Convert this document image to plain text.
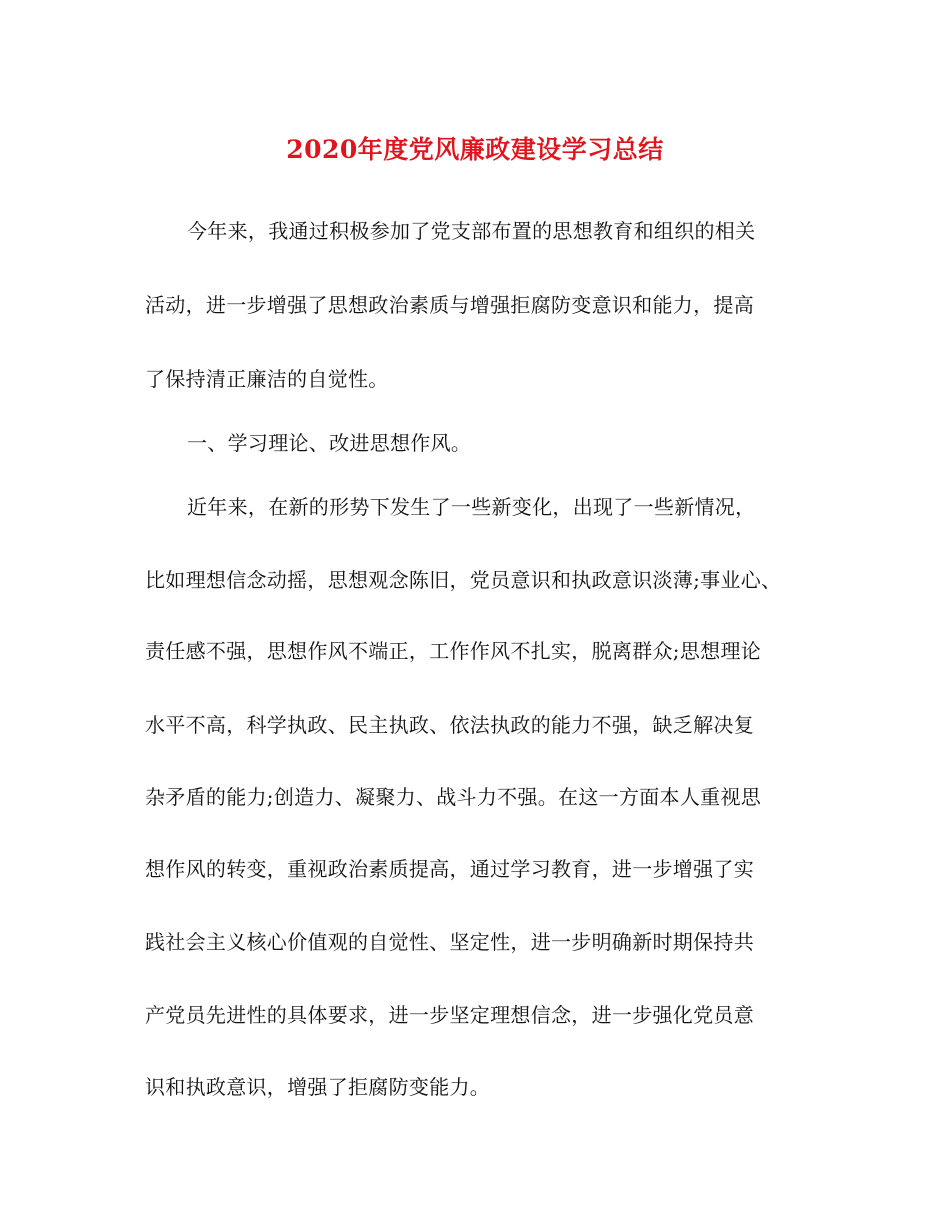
2020年度党风廉政建设学习总结
今年来，我通过积极参加了党支部布置的思想教育和组织的相关
活动，进一步增强了思想政治素质与增强拒腐防变意识和能力，提高
了保持清正廉洁的自觉性。
一、学习理论、改进思想作风。
近年来，在新的形势下发生了一些新变化，出现了一些新情况，
比如理想信念动摇，思想观念陈旧，党员意识和执政意识淡薄;事业心、
责任感不强，思想作风不端正，工作作风不扎实，脱离群众;思想理论
水平不高，科学执政、民主执政、依法执政的能力不强，缺乏解决复
杂矛盾的能力;创造力、凝聚力、战斗力不强。在这一方面本人重视思
想作风的转变，重视政治素质提高，通过学习教育，进一步增强了实
践社会主义核心价值观的自觉性、坚定性，进一步明确新时期保持共
产党员先进性的具体要求，进一步坚定理想信念，进一步强化党员意
识和执政意识，增强了拒腐防变能力。
